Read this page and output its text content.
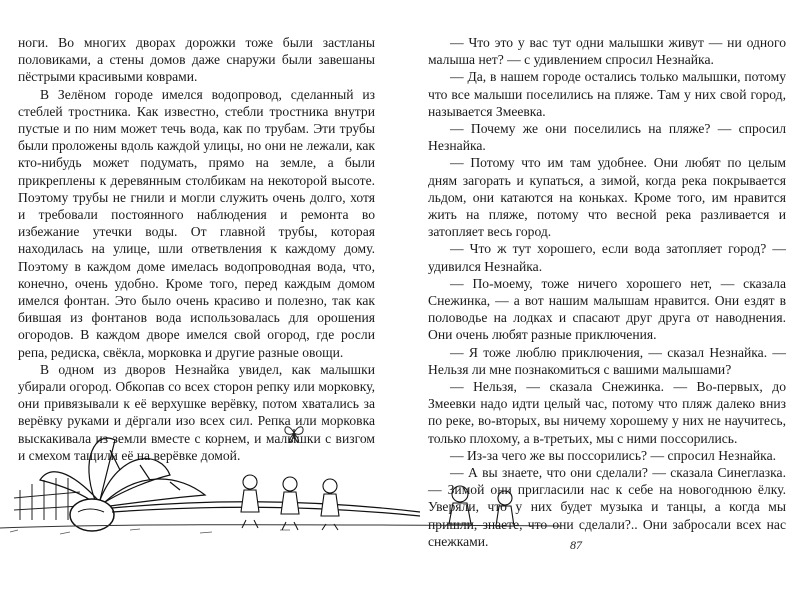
ноги. Во многих дворах дорожки тоже были застланы половиками, а стены домов даже снаружи были завешаны пёстрыми красивыми коврами.

В Зелёном городе имелся водопровод, сделанный из стеблей тростника. Как известно, стебли тростника внутри пустые и по ним может течь вода, как по трубам. Эти трубы были проложены вдоль каждой улицы, но они не лежали, как кто-нибудь может подумать, прямо на земле, а были прикреплены к деревянным столбикам на некоторой высоте. Поэтому трубы не гнили и могли служить очень долго, хотя и требовали постоянного наблюдения и ремонта во избежание утечки воды. От главной трубы, которая находилась на улице, шли ответвления к каждому дому. Поэтому в каждом доме имелась водопроводная вода, что, конечно, очень удобно. Кроме того, перед каждым домом имелся фонтан. Это было очень красиво и полезно, так как бившая из фонтанов вода использовалась для орошения огородов. В каждом дворе имелся свой огород, где росли репа, редиска, свёкла, морковка и другие разные овощи.

В одном из дворов Незнайка увидел, как малышки убирали огород. Обкопав со всех сторон репку или морковку, они привязывали к её верхушке верёвку, потом хватались за верёвку руками и дёргали изо всех сил. Репка или морковка выскакивала из земли вместе с корнем, и малышки с визгом и смехом тащили её на верёвке домой.

— Что это у вас тут одни малышки живут — ни одного малыша нет? — с удивлением спросил Незнайка.

— Да, в нашем городе остались только малышки, потому что все малыши поселились на пляже. Там у них свой город, называется Змеевка.

— Почему же они поселились на пляже? — спросил Незнайка.

— Потому что им там удобнее. Они любят по целым дням загорать и купаться, а зимой, когда река покрывается льдом, они катаются на коньках. Кроме того, им нравится жить на пляже, потому что весной река разливается и затопляет весь город.

— Что ж тут хорошего, если вода затопляет город? — удивился Незнайка.

— По-моему, тоже ничего хорошего нет, — сказала Снежинка, — а вот нашим малышам нравится. Они ездят в половодье на лодках и спасают друг друга от наводнения. Они очень любят разные приключения.

— Я тоже люблю приключения, — сказал Незнайка. — Нельзя ли мне познакомиться с вашими малышами?

— Нельзя, — сказала Снежинка. — Во-первых, до Змеевки надо идти целый час, потому что пляж далеко вниз по реке, во-вторых, вы ничему хорошему у них не научитесь, только плохому, а в-третьих, мы с ними поссорились.

— Из-за чего же вы поссорились? — спросил Незнайка.

— А вы знаете, что они сделали? — сказала Синеглазка. — Зимой они пригласили нас к себе на новогоднюю ёлку. Уверяли, что у них будет музыка и танцы, а когда мы пришли, знаете, что они сделали?.. Они забросали всех нас снежками.	87
